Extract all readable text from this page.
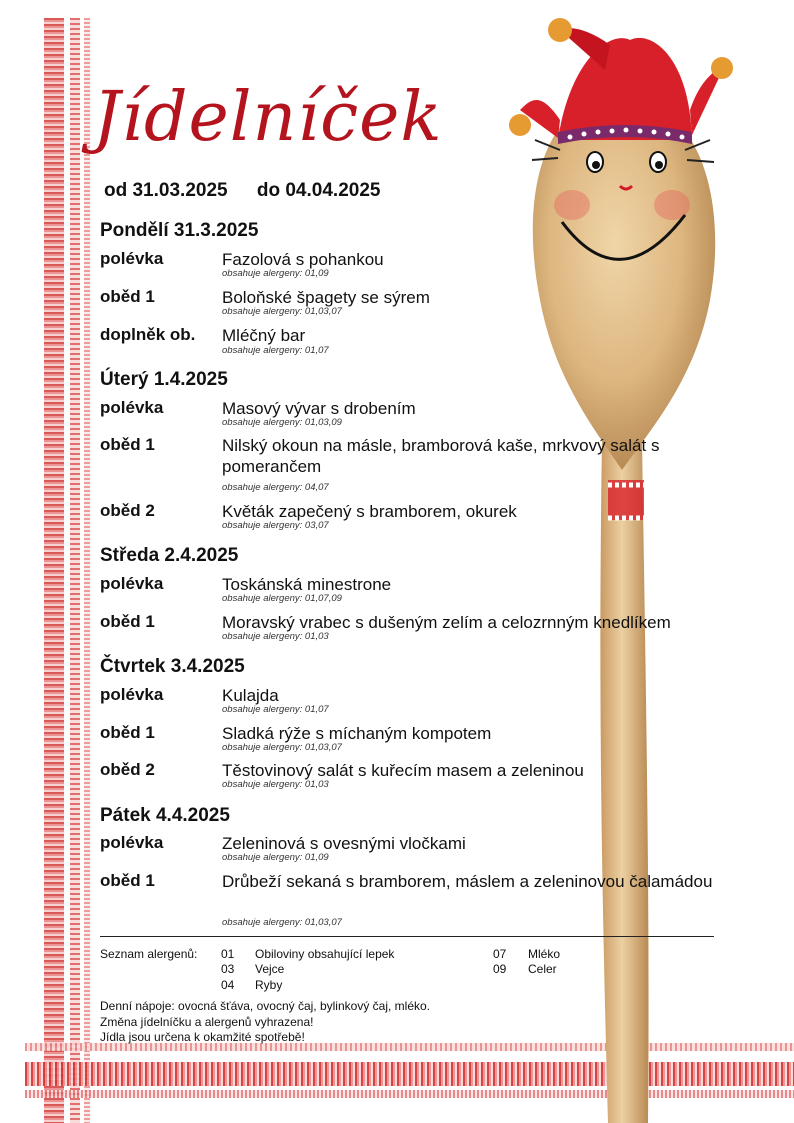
Jídelníček
od 31.03.2025 do 04.04.2025
Pondělí 31.3.2025
polévka	Fazolová s pohankou
obsahuje alergeny: 01,09
oběd 1	Boloňské špagety se sýrem
obsahuje alergeny: 01,03,07
doplněk ob. Mléčný bar
obsahuje alergeny: 01,07
Úterý 1.4.2025
polévka	Masový vývar s drobením
obsahuje alergeny: 01,03,09
oběd 1	Nilský okoun na másle, bramborová kaše, mrkvový salát s pomerančem
obsahuje alergeny: 04,07
oběd 2	Květák zapečený s bramborem, okurek
obsahuje alergeny: 03,07
Středa 2.4.2025
polévka	Toskánská minestrone
obsahuje alergeny: 01,07,09
oběd 1	Moravský vrabec s dušeným zelím a celozrnným knedlíkem
obsahuje alergeny: 01,03
Čtvrtek 3.4.2025
polévka	Kulajda
obsahuje alergeny: 01,07
oběd 1	Sladká rýže s míchaným kompotem
obsahuje alergeny: 01,03,07
oběd 2	Těstovinový salát s kuřecím masem a zeleninou
obsahuje alergeny: 01,03
Pátek 4.4.2025
polévka	Zeleninová s ovesnými vločkami
obsahuje alergeny: 01,09
oběd 1	Drůbeží sekaná s bramborem, máslem a zeleninovou čalamádou
obsahuje alergeny: 01,03,07
Seznam alergenů: 01 Obiloviny obsahující lepek
03 Vejce
04 Ryby
07 Mléko
09 Celer
Denní nápoje: ovocná šťáva, ovocný čaj, bylinkový čaj, mléko.
Změna jídelníčku a alergenů vyhrazena!
Jídla jsou určena k okamžité spotřebě!
